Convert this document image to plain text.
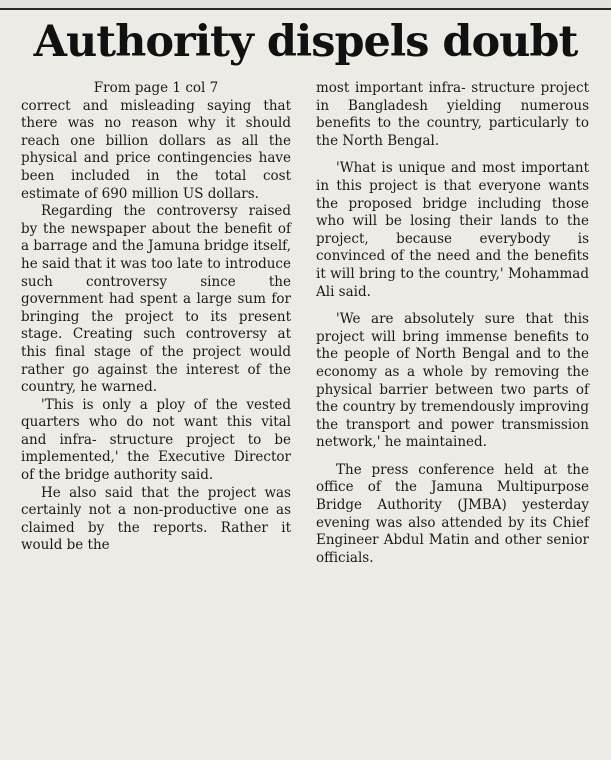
Authority dispels doubt
From page 1 col 7

correct and misleading saying that there was no reason why it should reach one billion dollars as all the physical and price contingencies have been included in the total cost estimate of 690 million US dollars.

Regarding the controversy raised by the newspaper about the benefit of a barrage and the Jamuna bridge itself, he said that it was too late to introduce such controversy since the government had spent a large sum for bringing the project to its present stage. Creating such controversy at this final stage of the project would rather go against the interest of the country, he warned.

'This is only a ploy of the vested quarters who do not want this vital and infra- structure project to be implemented,' the Executive Director of the bridge authority said.

He also said that the project was certainly not a non-productive one as claimed by the reports. Rather it would be the

most important infra- structure project in Bangladesh yielding numerous benefits to the country, particularly to the North Bengal.

'What is unique and most important in this project is that everyone wants the proposed bridge including those who will be losing their lands to the project, because everybody is convinced of the need and the benefits it will bring to the country,' Mohammad Ali said.

'We are absolutely sure that this project will bring immense benefits to the people of North Bengal and to the economy as a whole by removing the physical barrier between two parts of the country by tremendously improving the transport and power transmission network,' he maintained.

The press conference held at the office of the Jamuna Multipurpose Bridge Authority (JMBA) yesterday evening was also attended by its Chief Engineer Abdul Matin and other senior officials.
